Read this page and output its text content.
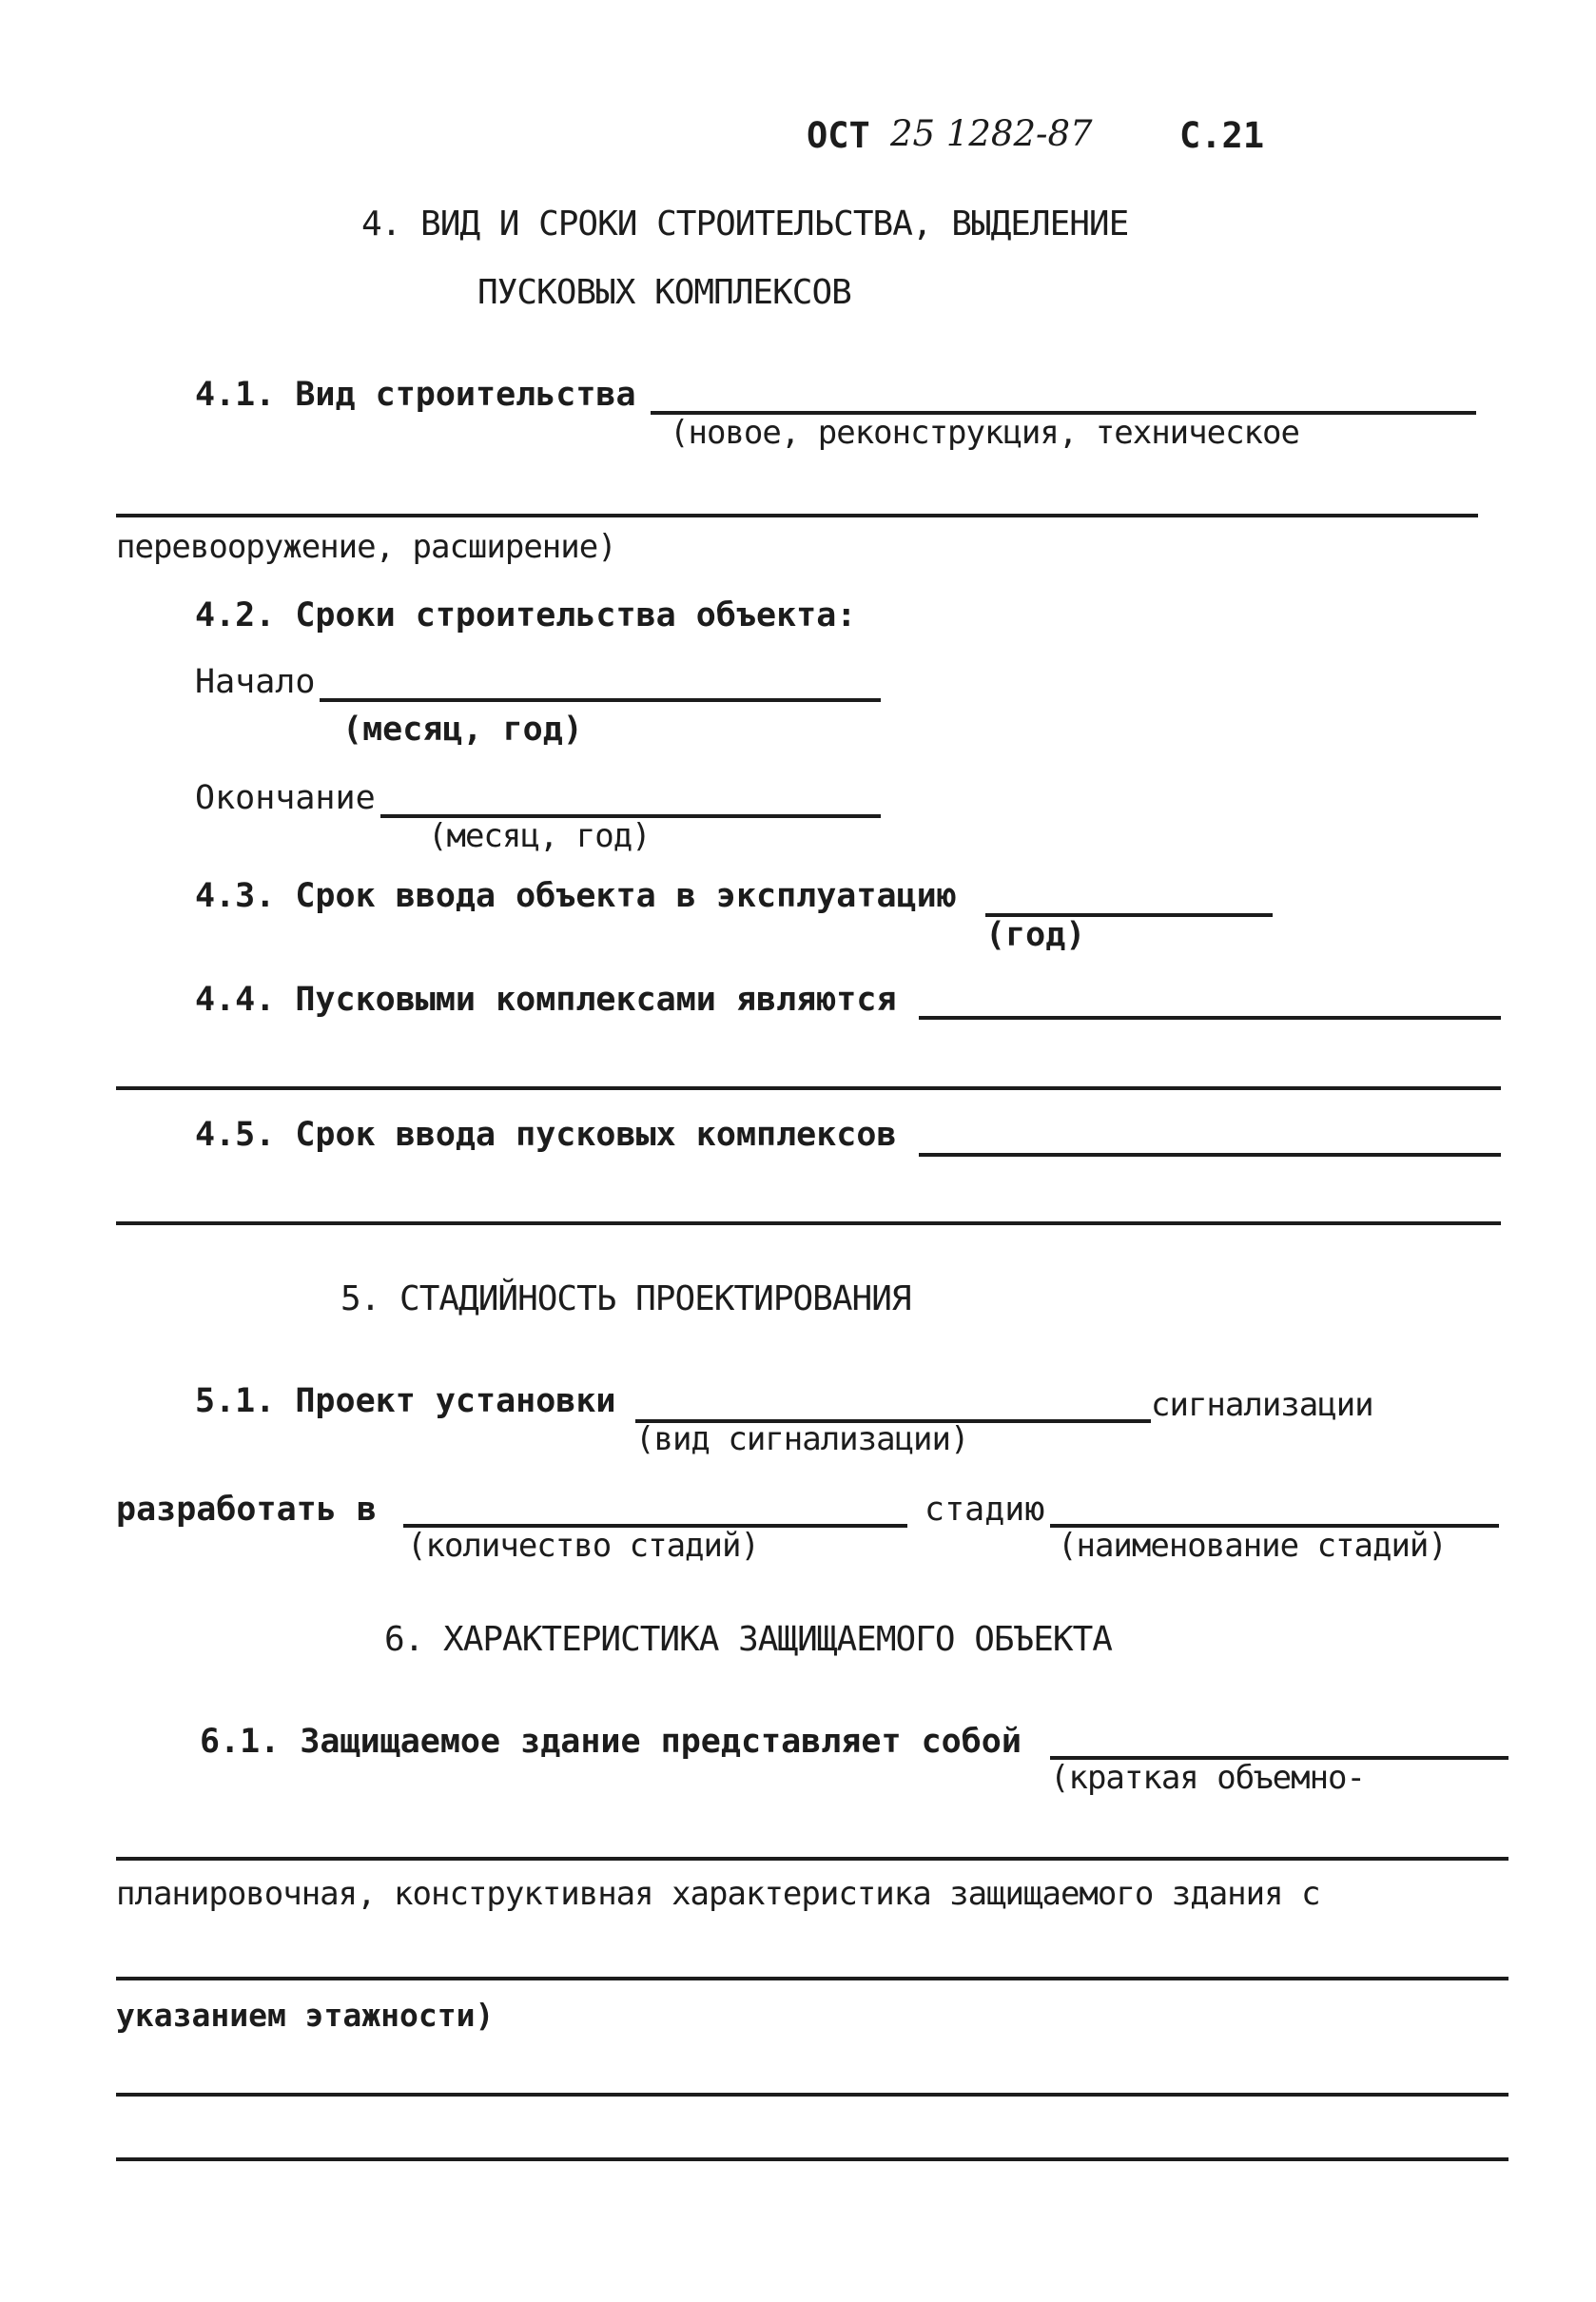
ОСТ 25 1282-87 С.21
4. ВИД И СРОКИ СТРОИТЕЛЬСТВА, ВЫДЕЛЕНИЕ
ПУСКОВЫХ КОМПЛЕКСОВ
4.1. Вид строительства
(новое, реконструкция, техническое
перевооружение, расширение)
4.2. Сроки строительства объекта:
Начало
(месяц, год)
Окончание
(месяц, год)
4.3. Срок ввода объекта в эксплуатацию
(год)
4.4. Пусковыми комплексами являются
4.5. Срок ввода пусковых комплексов
5. СТАДИЙНОСТЬ ПРОЕКТИРОВАНИЯ
5.1. Проект установки
(вид сигнализации)
сигнализации
разработать в
(количество стадий)
стадию
(наименование стадий)
6. ХАРАКТЕРИСТИКА ЗАЩИЩАЕМОГО ОБЪЕКТА
6.1. Защищаемое здание представляет собой
(краткая объемно-
планировочная, конструктивная характеристика защищаемого здания с
указанием этажности)
